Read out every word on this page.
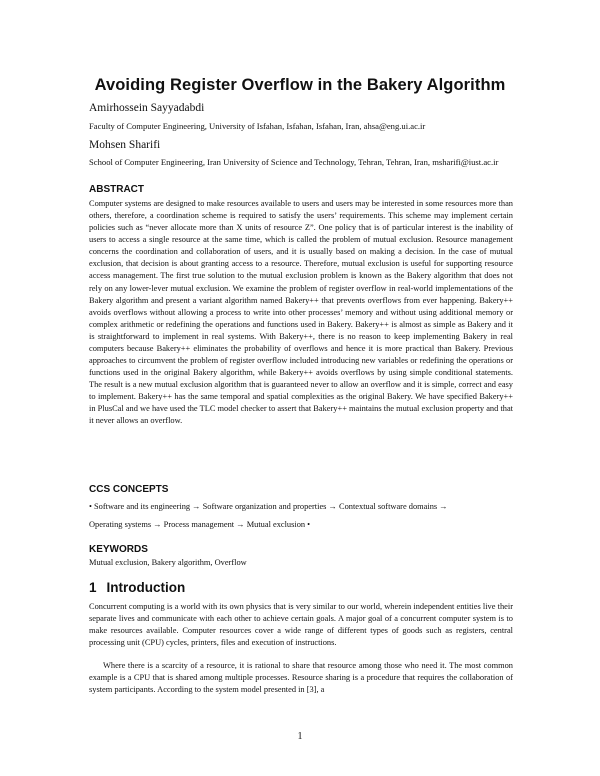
Avoiding Register Overflow in the Bakery Algorithm
Amirhossein Sayyadabdi
Faculty of Computer Engineering, University of Isfahan, Isfahan, Isfahan, Iran, ahsa@eng.ui.ac.ir
Mohsen Sharifi
School of Computer Engineering, Iran University of Science and Technology, Tehran, Tehran, Iran, msharifi@iust.ac.ir
ABSTRACT

Computer systems are designed to make resources available to users and users may be interested in some resources more than others, therefore, a coordination scheme is required to satisfy the users’ requirements. This scheme may implement certain policies such as “never allocate more than X units of resource Z”. One policy that is of particular interest is the inability of users to access a single resource at the same time, which is called the problem of mutual exclusion. Resource management concerns the coordination and collaboration of users, and it is usually based on making a decision. In the case of mutual exclusion, that decision is about granting access to a resource. Therefore, mutual exclusion is useful for supporting resource access management. The first true solution to the mutual exclusion problem is known as the Bakery algorithm that does not rely on any lower-lever mutual exclusion. We examine the problem of register overflow in real-world implementations of the Bakery algorithm and present a variant algorithm named Bakery++ that prevents overflows from ever happening. Bakery++ avoids overflows without allowing a process to write into other processes’ memory and without using additional memory or complex arithmetic or redefining the operations and functions used in Bakery. Bakery++ is almost as simple as Bakery and it is straightforward to implement in real systems. With Bakery++, there is no reason to keep implementing Bakery in real computers because Bakery++ eliminates the probability of overflows and hence it is more practical than Bakery. Previous approaches to circumvent the problem of register overflow included introducing new variables or redefining the operations or functions used in the original Bakery algorithm, while Bakery++ avoids overflows by using simple conditional statements. The result is a new mutual exclusion algorithm that is guaranteed never to allow an overflow and it is simple, correct and easy to implement. Bakery++ has the same temporal and spatial complexities as the original Bakery. We have specified Bakery++ in PlusCal and we have used the TLC model checker to assert that Bakery++ maintains the mutual exclusion property and that it never allows an overflow.

CCS CONCEPTS
• Software and its engineering → Software organization and properties → Contextual software domains →
Operating systems → Process management → Mutual exclusion •
KEYWORDS
Mutual exclusion, Bakery algorithm, Overflow
1 Introduction

Concurrent computing is a world with its own physics that is very similar to our world, wherein independent entities live their separate lives and communicate with each other to achieve certain goals. A major goal of a concurrent computer system is to make resources available. Computer resources cover a wide range of different types of goods such as registers, central processing unit (CPU) cycles, printers, files and execution of instructions.

Where there is a scarcity of a resource, it is rational to share that resource among those who need it. The most common example is a CPU that is shared among multiple processes. Resource sharing is a procedure that requires the collaboration of system participants. According to the system model presented in [3], a

1
